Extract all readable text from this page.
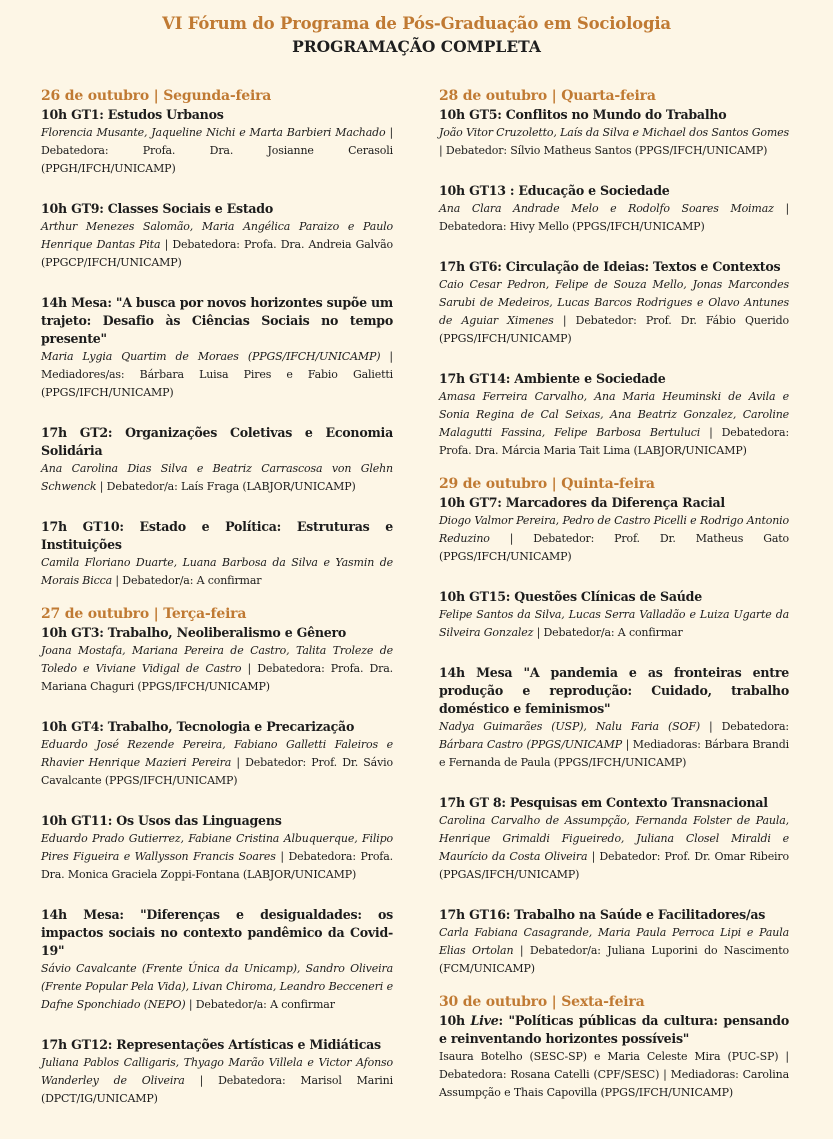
VI Fórum do Programa de Pós-Graduação em Sociologia
PROGRAMAÇÃO COMPLETA
26 de outubro | Segunda-feira

10h GT1: Estudos Urbanos

Florencia Musante, Jaqueline Nichi e Marta Barbieri Machado | Debatedora: Profa. Dra. Josianne Cerasoli (PPGH/IFCH/UNICAMP)

10h GT9: Classes Sociais e Estado

Arthur Menezes Salomão, Maria Angélica Paraizo e Paulo Henrique Dantas Pita | Debatedora: Profa. Dra. Andreia Galvão (PPGCP/IFCH/UNICAMP)

14h Mesa: "A busca por novos horizontes supõe um trajeto: Desafio às Ciências Sociais no tempo presente"

Maria Lygia Quartim de Moraes (PPGS/IFCH/UNICAMP) | Mediadores/as: Bárbara Luisa Pires e Fabio Galietti (PPGS/IFCH/UNICAMP)

17h GT2: Organizações Coletivas e Economia Solidária

Ana Carolina Dias Silva e Beatriz Carrascosa von Glehn Schwenck | Debatedor/a: Laís Fraga (LABJOR/UNICAMP)

17h GT10: Estado e Política: Estruturas e Instituições

Camila Floriano Duarte, Luana Barbosa da Silva e Yasmin de Morais Bicca | Debatedor/a: A confirmar

27 de outubro | Terça-feira

10h GT3: Trabalho, Neoliberalismo e Gênero

Joana Mostafa, Mariana Pereira de Castro, Talita Troleze de Toledo e Viviane Vidigal de Castro | Debatedora: Profa. Dra. Mariana Chaguri (PPGS/IFCH/UNICAMP)

10h GT4: Trabalho, Tecnologia e Precarização

Eduardo José Rezende Pereira, Fabiano Galletti Faleiros e Rhavier Henrique Mazieri Pereira | Debatedor: Prof. Dr. Sávio Cavalcante (PPGS/IFCH/UNICAMP)

10h GT11: Os Usos das Linguagens

Eduardo Prado Gutierrez, Fabiane Cristina Albuquerque, Filipo Pires Figueira e Wallysson Francis Soares | Debatedora: Profa. Dra. Monica Graciela Zoppi-Fontana (LABJOR/UNICAMP)

14h Mesa: "Diferenças e desigualdades: os impactos sociais no contexto pandêmico da Covid-19"

Sávio Cavalcante (Frente Única da Unicamp), Sandro Oliveira (Frente Popular Pela Vida), Livan Chiroma, Leandro Becceneri e Dafne Sponchiado (NEPO) | Debatedor/a: A confirmar

17h GT12: Representações Artísticas e Midiáticas

Juliana Pablos Calligaris, Thyago Marão Villela e Victor Afonso Wanderley de Oliveira | Debatedora: Marisol Marini (DPCT/IG/UNICAMP)

28 de outubro | Quarta-feira

10h GT5: Conflitos no Mundo do Trabalho

João Vitor Cruzoletto, Laís da Silva e Michael dos Santos Gomes | Debatedor: Sílvio Matheus Santos (PPGS/IFCH/UNICAMP)

10h GT13 : Educação e Sociedade

Ana Clara Andrade Melo e Rodolfo Soares Moimaz | Debatedora: Hivy Mello (PPGS/IFCH/UNICAMP)

17h GT6: Circulação de Ideias: Textos e Contextos

Caio Cesar Pedron, Felipe de Souza Mello, Jonas Marcondes Sarubi de Medeiros, Lucas Barcos Rodrigues e Olavo Antunes de Aguiar Ximenes | Debatedor: Prof. Dr. Fábio Querido (PPGS/IFCH/UNICAMP)

17h GT14: Ambiente e Sociedade

Amasa Ferreira Carvalho, Ana Maria Heuminski de Avila e Sonia Regina de Cal Seixas, Ana Beatriz Gonzalez, Caroline Malagutti Fassina, Felipe Barbosa Bertuluci | Debatedora: Profa. Dra. Márcia Maria Tait Lima (LABJOR/UNICAMP)

29 de outubro | Quinta-feira

10h GT7: Marcadores da Diferença Racial

Diogo Valmor Pereira, Pedro de Castro Picelli e Rodrigo Antonio Reduzino | Debatedor: Prof. Dr. Matheus Gato (PPGS/IFCH/UNICAMP)

10h GT15: Questões Clínicas de Saúde

Felipe Santos da Silva, Lucas Serra Valladão e Luiza Ugarte da Silveira Gonzalez | Debatedor/a: A confirmar

14h Mesa "A pandemia e as fronteiras entre produção e reprodução: Cuidado, trabalho doméstico e feminismos"

Nadya Guimarães (USP), Nalu Faria (SOF) | Debatedora: Bárbara Castro (PPGS/UNICAMP | Mediadoras: Bárbara Brandi e Fernanda de Paula (PPGS/IFCH/UNICAMP)

17h GT 8: Pesquisas em Contexto Transnacional

Carolina Carvalho de Assumpção, Fernanda Folster de Paula, Henrique Grimaldi Figueiredo, Juliana Closel Miraldi e Maurício da Costa Oliveira | Debatedor: Prof. Dr. Omar Ribeiro (PPGAS/IFCH/UNICAMP)

17h GT16: Trabalho na Saúde e Facilitadores/as

Carla Fabiana Casagrande, Maria Paula Perroca Lipi e Paula Elias Ortolan | Debatedor/a: Juliana Luporini do Nascimento (FCM/UNICAMP)

30 de outubro | Sexta-feira

10h Live: "Políticas públicas da cultura: pensando e reinventando horizontes possíveis"

Isaura Botelho (SESC-SP) e Maria Celeste Mira (PUC-SP) | Debatedora: Rosana Catelli (CPF/SESC) | Mediadoras: Carolina Assumpção e Thais Capovilla (PPGS/IFCH/UNICAMP)
